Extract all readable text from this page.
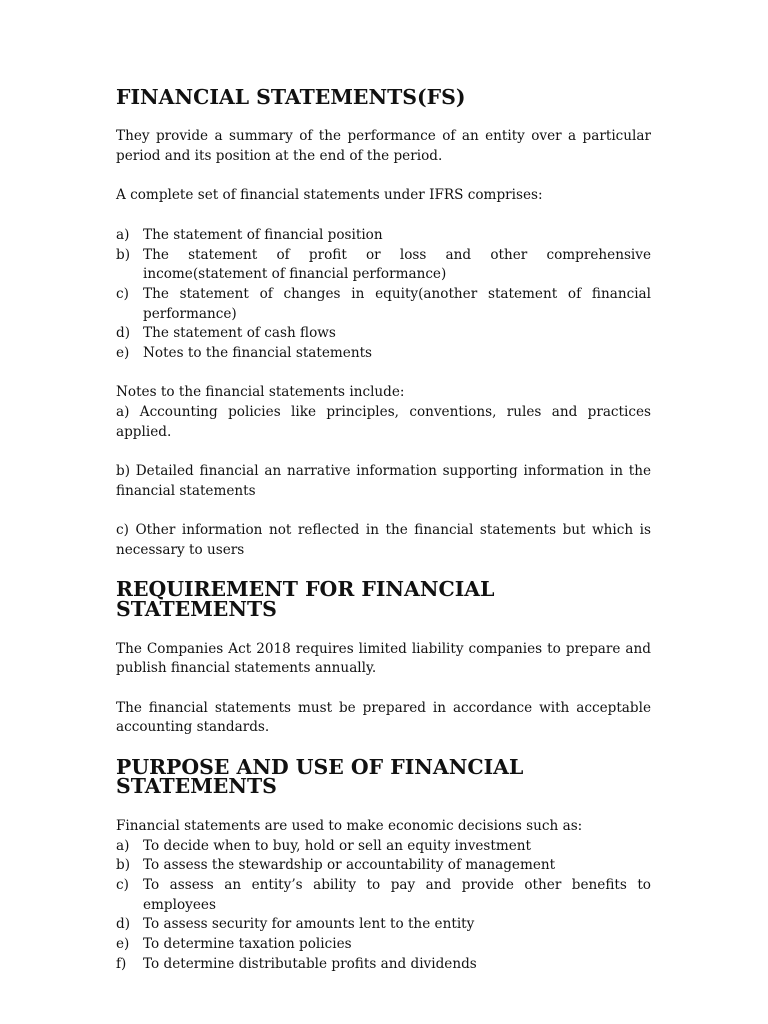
FINANCIAL STATEMENTS(FS)

They provide a summary of the performance of an entity over a particular period and its position at the end of the period.

A complete set of financial statements under IFRS comprises:

a) The statement of financial position
b) The statement of profit or loss and other comprehensive income(statement of financial performance)
c)	The statement of changes in equity(another statement of financial performance)
d) The statement of cash flows
e)	Notes to the financial statements

Notes to the financial statements include:

a) Accounting policies like principles, conventions, rules and practices applied.

b) Detailed financial an narrative information supporting information in the financial statements

c) Other information not reflected in the financial statements but which is necessary to users

REQUIREMENT FOR FINANCIAL STATEMENTS

The Companies Act 2018 requires limited liability companies to prepare and publish financial statements annually.

The financial statements must be prepared in accordance with acceptable accounting standards.

PURPOSE AND USE OF FINANCIAL STATEMENTS

Financial statements are used to make economic decisions such as:

a) To decide when to buy, hold or sell an equity investment
b) To assess the stewardship or accountability of management
c)	To assess an entity’s ability to pay and provide other benefits to employees
d) To assess security for amounts lent to the entity
e)	To determine taxation policies
f)	To determine distributable profits and dividends
